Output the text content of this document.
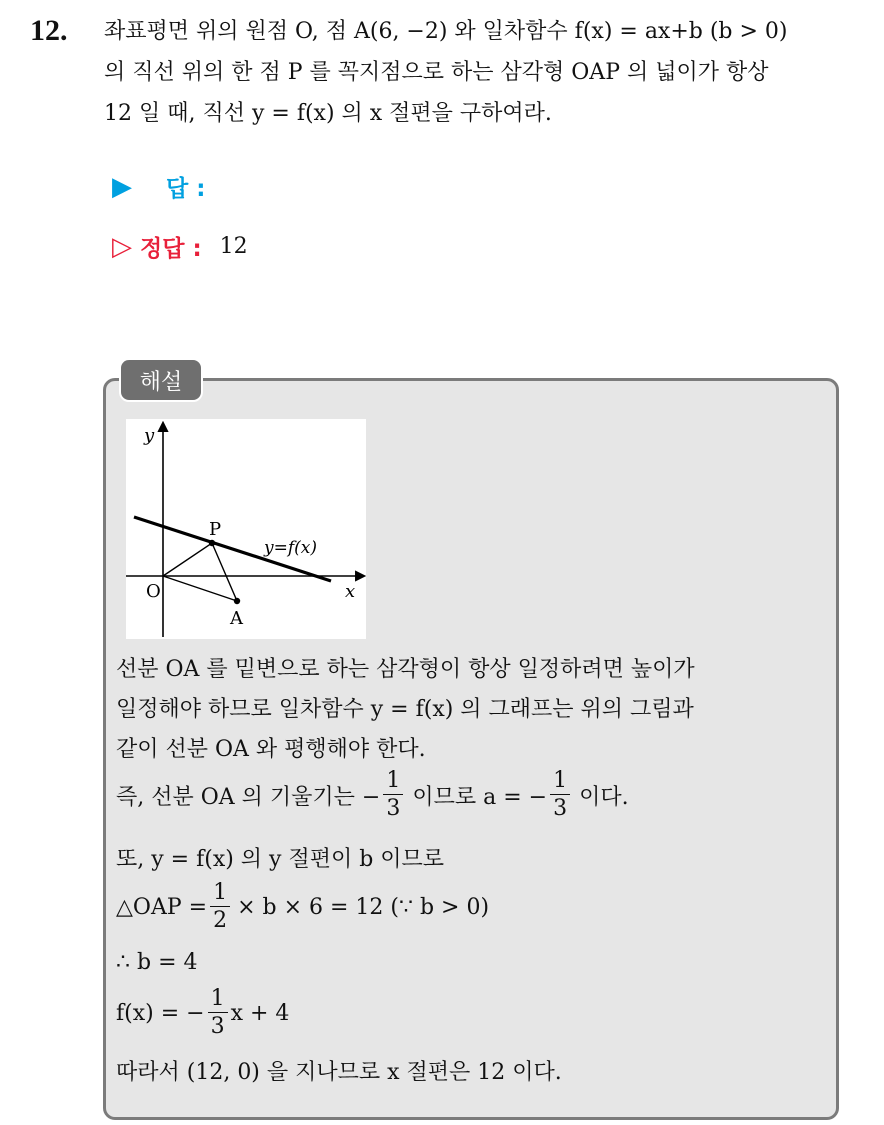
12. 좌표평면 위의 원점 O, 점 A(6, −2) 와 일차함수 f(x) = ax+b (b > 0)
의 직선 위의 한 점 P 를 꼭지점으로 하는 삼각형 OAP 의 넓이가 항상
12 일 때, 직선 y = f(x) 의 x 절편을 구하여라.
▶ 답 :
▷ 정답 : 12
해설
y
x
O
P
A
y=f(x)
선분 OA 를 밑변으로 하는 삼각형이 항상 일정하려면 높이가
일정해야 하므로 일차함수 y = f(x) 의 그래프는 위의 그림과
같이 선분 OA 와 평행해야 한다.
즉, 선분 OA 의 기울기는 − $\frac{1}{3}$ 이므로 a = − $\frac{1}{3}$ 이다.
또, y = f(x) 의 y 절편이 b 이므로
△OAP = $\frac{1}{2} \times b \times 6 = 12$ (∵ b > 0)
∴ b = 4
f(x) = − $\frac{1}{3}$ x + 4
따라서 (12, 0) 을 지나므로 x 절편은 12 이다.
